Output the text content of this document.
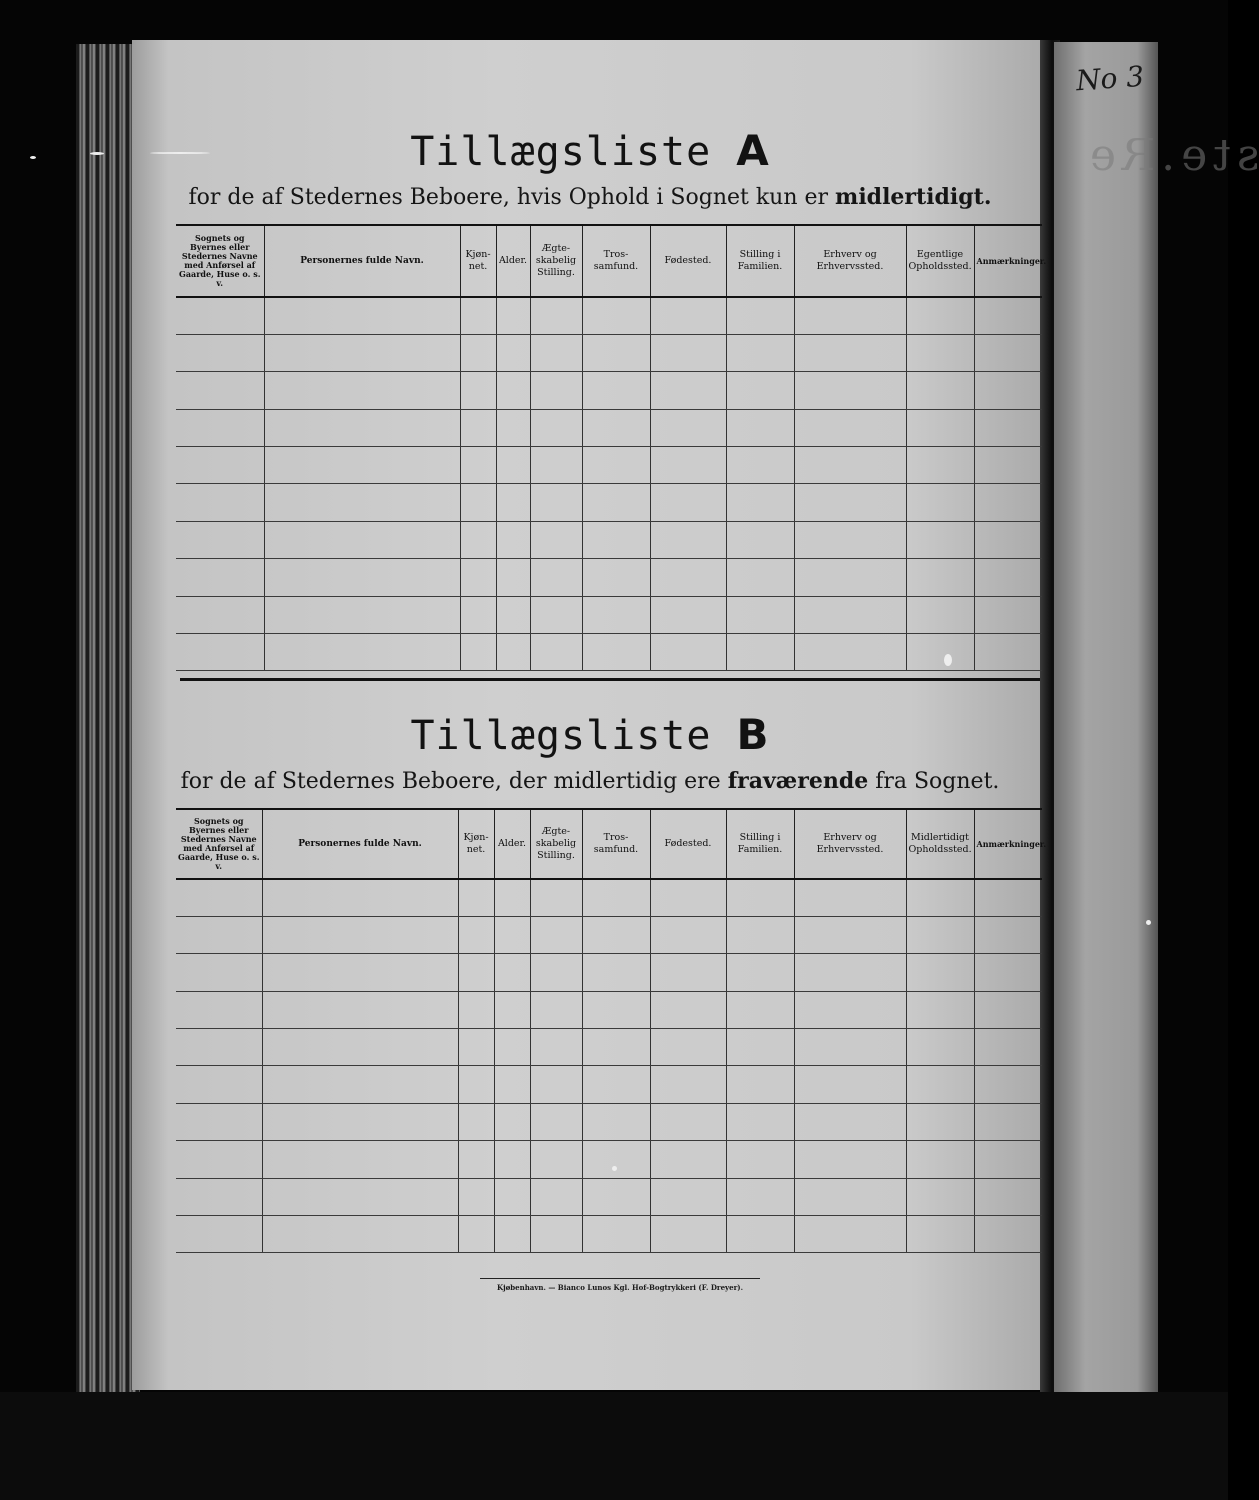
No 3
ste.Re
Tillægsliste A
for de af Stedernes Beboere, hvis Ophold i Sognet kun er midlertidigt.
Sognets og Byernes eller Stedernes Navne med Anførsel af Gaarde, Huse o. s. v.	Personernes fulde Navn.	Kjøn-net.	Alder.	Ægte-skabelig Stilling.	Tros-samfund.	Fødested.	Stilling i Familien.	Erhverv og Erhvervssted.	Egentlige Opholdssted.	Anmærkninger.

Tillægsliste B
for de af Stedernes Beboere, der midlertidig ere fraværende fra Sognet.
Sognets og Byernes eller Stedernes Navne med Anførsel af Gaarde, Huse o. s. v.	Personernes fulde Navn.	Kjøn-net.	Alder.	Ægte-skabelig Stilling.	Tros-samfund.	Fødested.	Stilling i Familien.	Erhverv og Erhvervssted.	Midlertidigt Opholdssted.	Anmærkninger.

Kjøbenhavn. — Bianco Lunos Kgl. Hof-Bogtrykkeri (F. Dreyer).
